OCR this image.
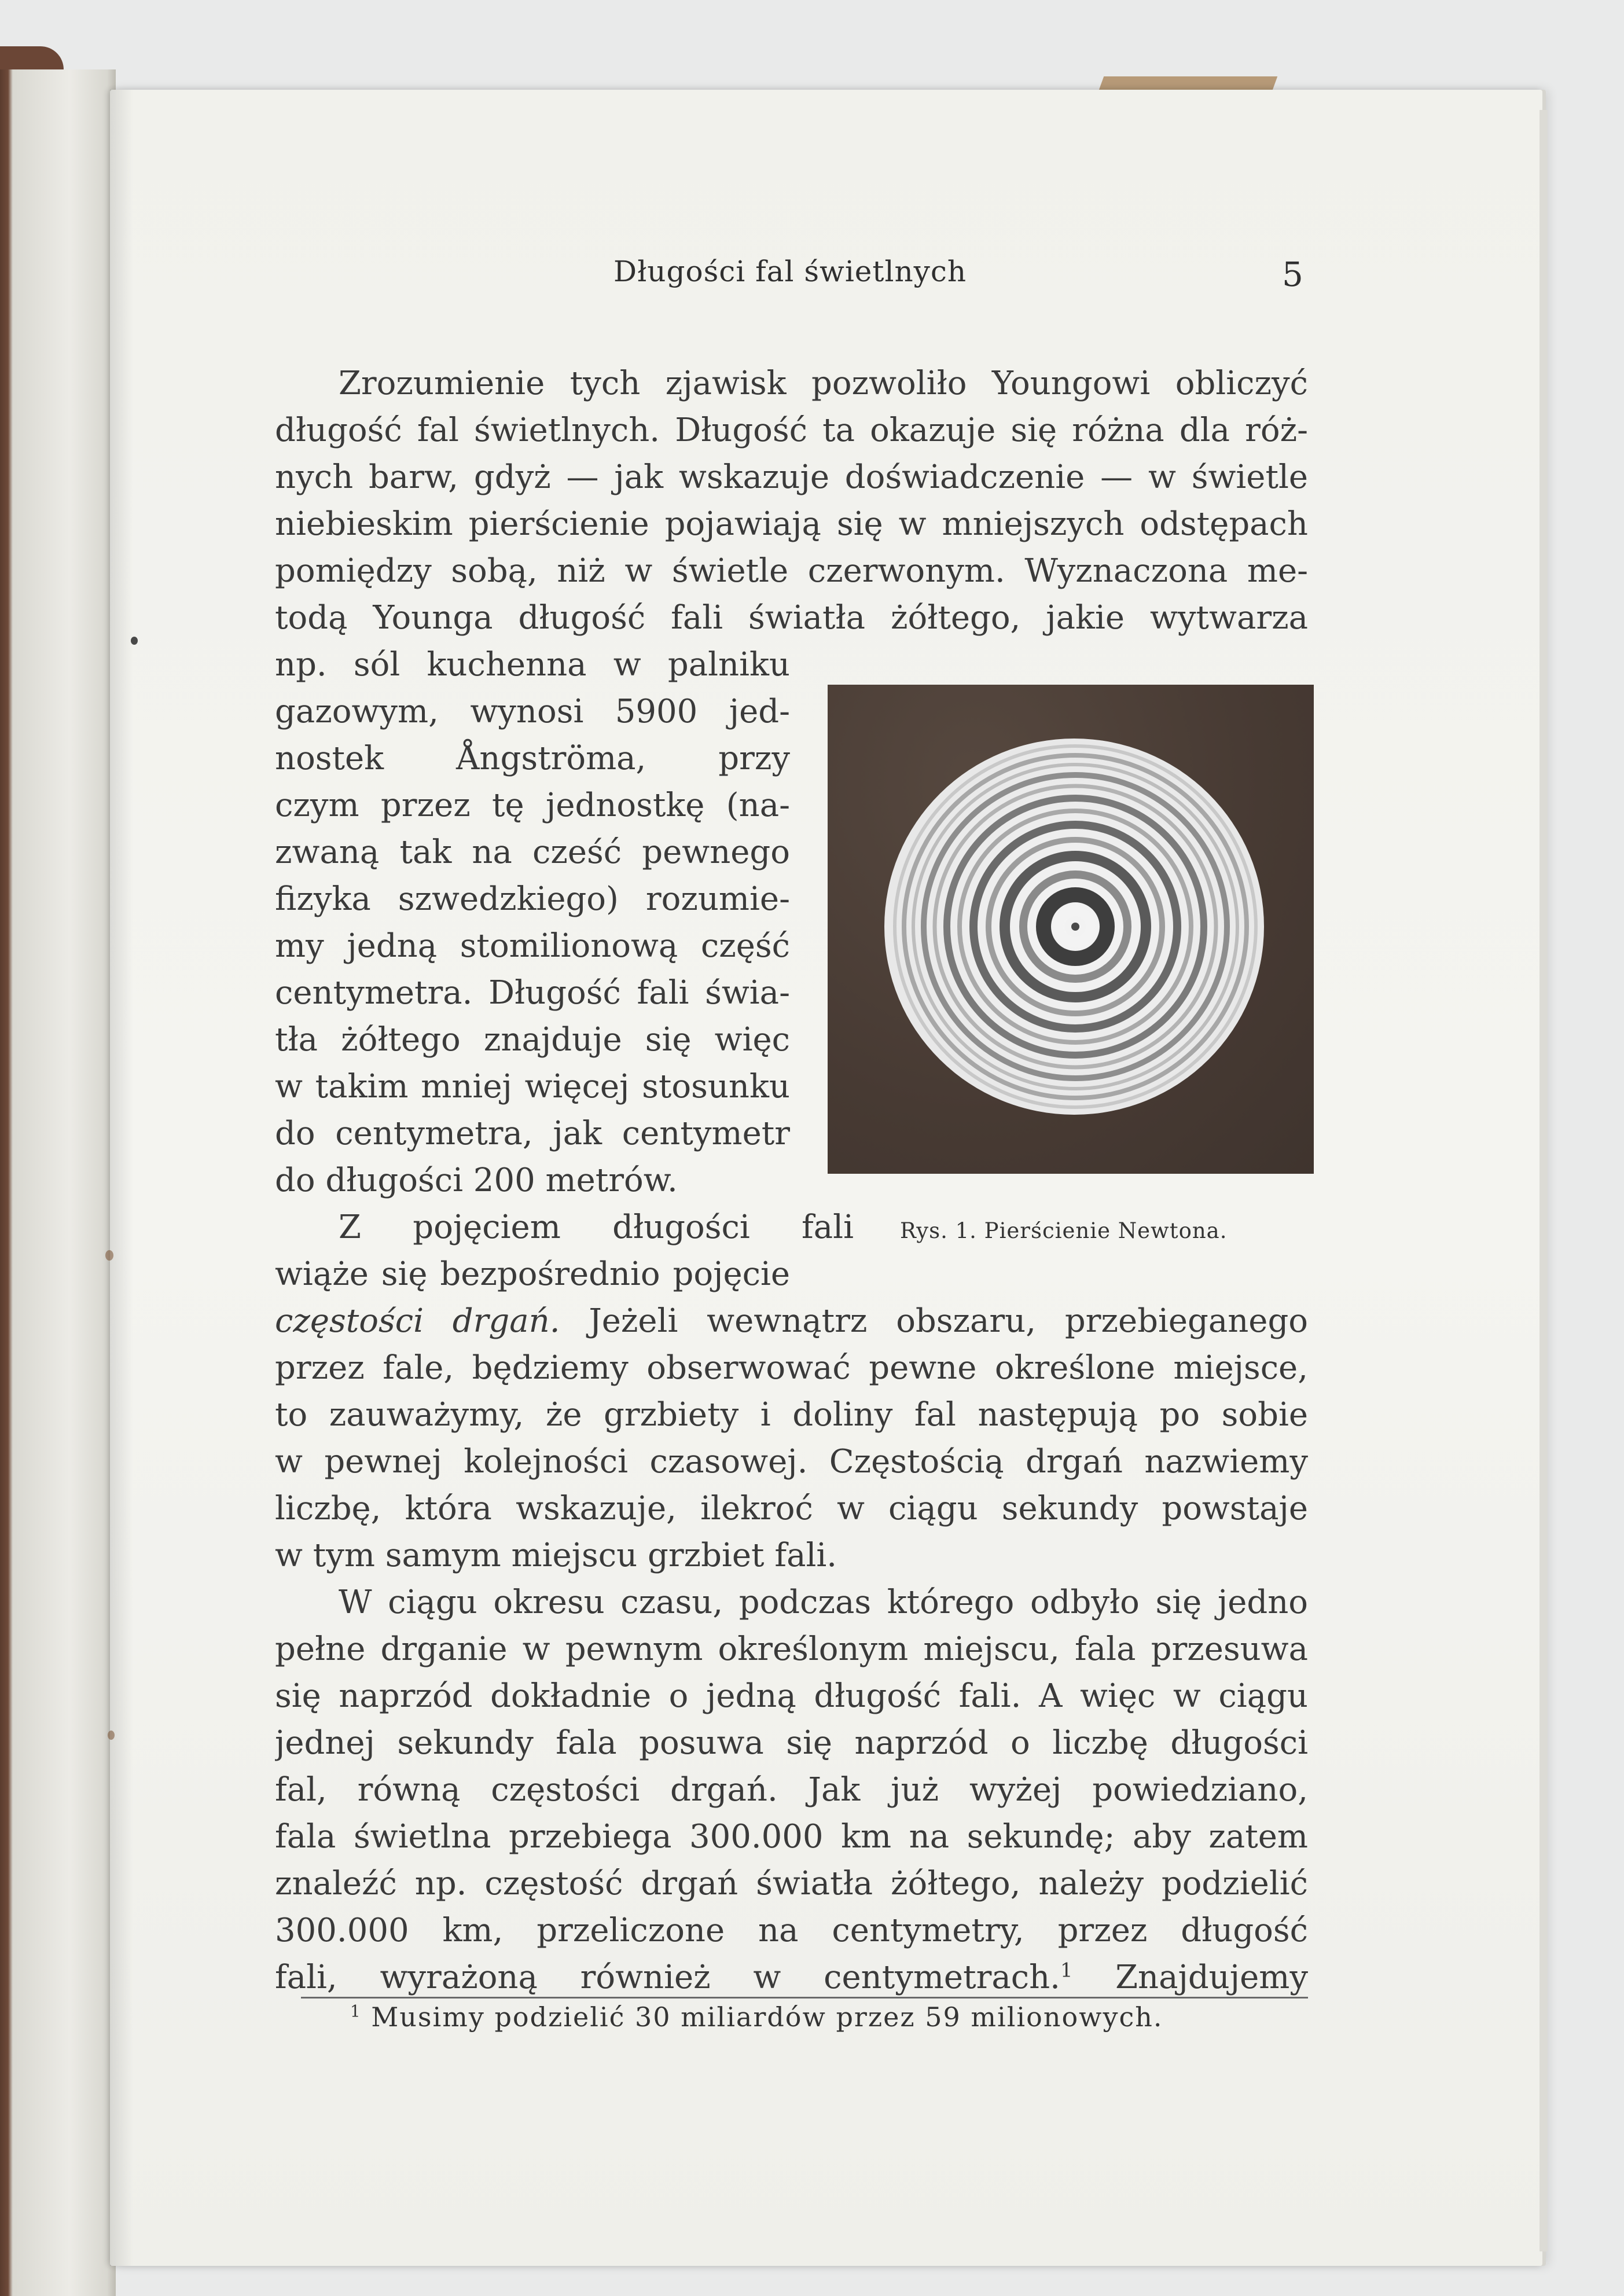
Długości fal świetlnych	5
Zrozumienie tych zjawisk pozwoliło Youngowi obliczyć
długość fal świetlnych. Długość ta okazuje się różna dla róż-
nych barw, gdyż — jak wskazuje doświadczenie — w świetle
niebieskim pierścienie pojawiają się w mniejszych odstępach
pomiędzy sobą, niż w świetle czerwonym. Wyznaczona me-
todą Younga długość fali światła żółtego, jakie wytwarza
np. sól kuchenna w palniku
gazowym, wynosi 5900 jed-
nostek Ångströma, przy
czym przez tę jednostkę (na-
zwaną tak na cześć pewnego
fizyka szwedzkiego) rozumie-
my jedną stomilionową część
centymetra. Długość fali świa-
tła żółtego znajduje się więc
w takim mniej więcej stosunku
do centymetra, jak centymetr
do długości 200 metrów.
Z pojęciem długości fali
wiąże się bezpośrednio pojęcie
Rys. 1. Pierścienie Newtona.
częstości drgań. Jeżeli wewnątrz obszaru, przebieganego
przez fale, będziemy obserwować pewne określone miejsce,
to zauważymy, że grzbiety i doliny fal następują po sobie
w pewnej kolejności czasowej. Częstością drgań nazwiemy
liczbę, która wskazuje, ilekroć w ciągu sekundy powstaje
w tym samym miejscu grzbiet fali.
W ciągu okresu czasu, podczas którego odbyło się jedno
pełne drganie w pewnym określonym miejscu, fala przesuwa
się naprzód dokładnie o jedną długość fali. A więc w ciągu
jednej sekundy fala posuwa się naprzód o liczbę długości
fal, równą częstości drgań. Jak już wyżej powiedziano,
fala świetlna przebiega 300.000 km na sekundę; aby zatem
znaleźć np. częstość drgań światła żółtego, należy podzielić
300.000 km, przeliczone na centymetry, przez długość
fali, wyrażoną również w centymetrach.$^1$ Znajdujemy
$^1$ Musimy podzielić 30 miliardów przez 59 milionowych.
